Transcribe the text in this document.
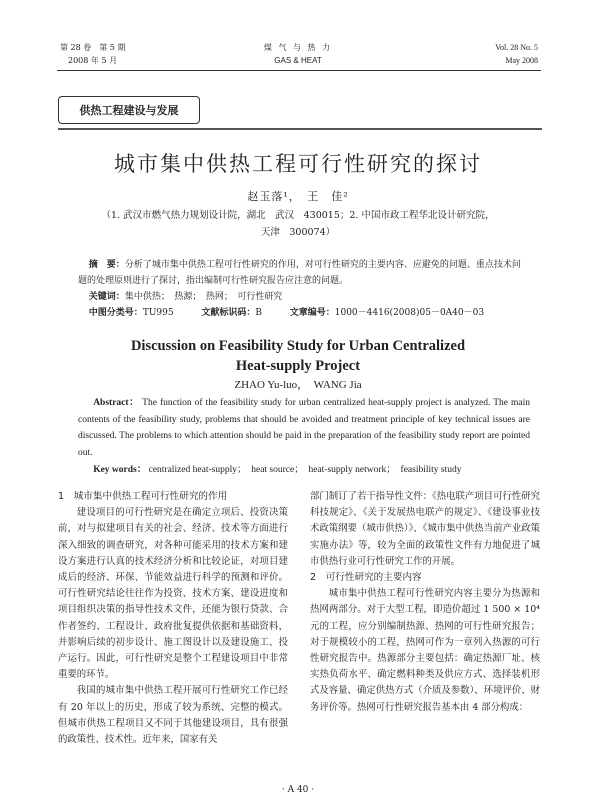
第 28 卷　第 5 期
2008 年 5 月
煤 气 与 热 力
GAS & HEAT
Vol. 28 No. 5
May 2008
供热工程建设与发展
城市集中供热工程可行性研究的探讨
赵玉落¹，　王　佳²
（1. 武汉市燃气热力规划设计院，湖北　武汉　430015；2. 中国市政工程华北设计研究院，
天津　300074）
摘　要：分析了城市集中供热工程可行性研究的作用，对可行性研究的主要内容、应避免的问题、重点技术问题的处理原则进行了探讨，指出编制可行性研究报告应注意的问题。
关键词：集中供热；　热源；　热网；　可行性研究
中图分类号：TU995	文献标识码：B	文章编号：1000－4416(2008)05－0A40－03
Discussion on Feasibility Study for Urban Centralized
Heat-supply Project
ZHAO Yu-luo，　WANG Jia
Abstract： The function of the feasibility study for urban centralized heat-supply project is analyzed. The main contents of the feasibility study, problems that should be avoided and treatment principle of key technical issues are discussed. The problems to which attention should be paid in the preparation of the feasibility study report are pointed out.
Key words： centralized heat-supply；　heat source；　heat-supply network；　feasibility study
1　城市集中供热工程可行性研究的作用

建设项目的可行性研究是在确定立项后、投资决策前，对与拟建项目有关的社会、经济、技术等方面进行深入细致的调查研究，对各种可能采用的技术方案和建设方案进行认真的技术经济分析和比较论证，对项目建成后的经济、环保、节能效益进行科学的预测和评价。可行性研究结论往往作为投资、技术方案、建设进度和项目组织决策的指导性技术文件，还能为银行贷款、合作者签约、工程设计、政府批复提供依据和基础资料，并影响后续的初步设计、施工图设计以及建设施工、投产运行。因此，可行性研究是整个工程建设项目中非常重要的环节。

我国的城市集中供热工程开展可行性研究工作已经有 20 年以上的历史，形成了较为系统、完整的模式。但城市供热工程项目又不同于其他建设项目，具有很强的政策性、技术性。近年来，国家有关

部门制订了若干指导性文件：《热电联产项目可行性研究科技规定》、《关于发展热电联产的规定》、《建设事业技术政策纲要（城市供热）》、《城市集中供热当前产业政策实施办法》等，较为全面的政策性文件有力地促进了城市供热行业可行性研究工作的开展。

2　可行性研究的主要内容

城市集中供热工程可行性研究内容主要分为热源和热网两部分。对于大型工程，即造价超过 1 500 × 10⁴ 元的工程，应分别编制热源、热网的可行性研究报告；对于规模较小的工程，热网可作为一章列入热源的可行性研究报告中。热源部分主要包括：确定热源厂址、核实热负荷水平、确定燃料种类及供应方式、选择装机形式及容量、确定供热方式（介质及参数）、环境评价、财务评价等。热网可行性研究报告基本由 4 部分构成：

· A 40 ·
